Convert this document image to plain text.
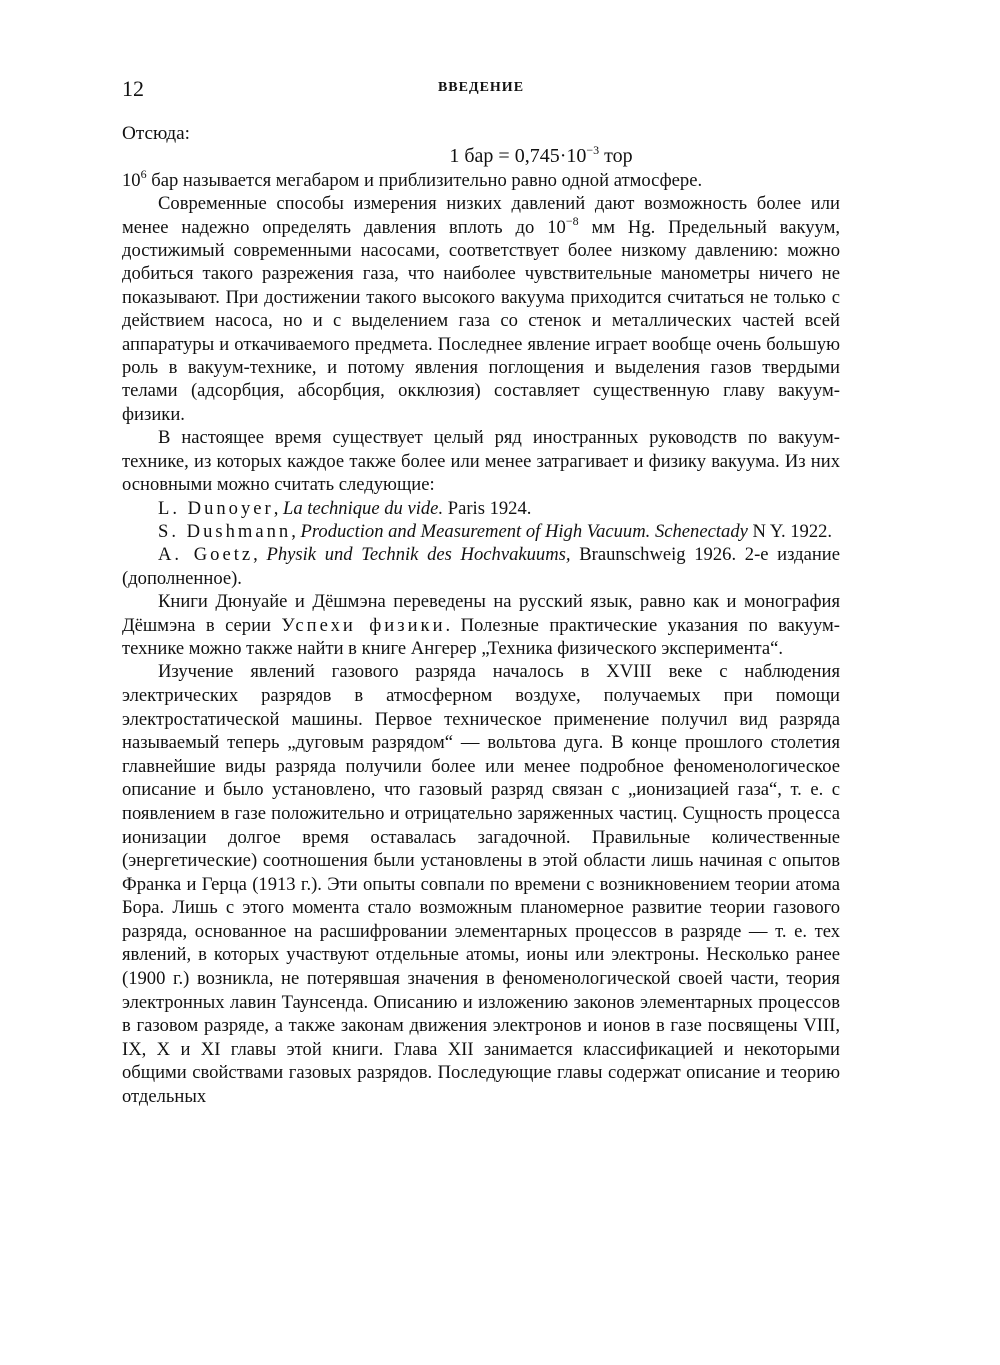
12	ВВЕДЕНИЕ

Отсюда:

1 бар = $0,745\cdot 10^{-3}$ тор

$10^6$ бар называется мегабаром и приблизительно равно одной атмосфере.

Современные способы измерения низких давлений дают возможность более или менее надежно определять давления вплоть до $10^{-8}$ мм Hg. Предельный вакуум, достижимый современными насосами, соответствует более низкому давлению: можно добиться такого разрежения газа, что наиболее чувствительные манометры ничего не показывают. При достижении такого высокого вакуума приходится считаться не только с действием насоса, но и с выделением газа со стенок и металлических частей всей аппаратуры и откачиваемого предмета. Последнее явление играет вообще очень большую роль в вакуум-технике, и потому явления поглощения и выделения газов твердыми телами (адсорбция, абсорбция, окклюзия) составляет существенную главу вакуум-физики.

В настоящее время существует целый ряд иностранных руководств по вакуум-технике, из которых каждое также более или менее затрагивает и физику вакуума. Из них основными можно считать следующие:

L. Dunoyer, La technique du vide. Paris 1924.

S. Dushmann, Production and Measurement of High Vacuum. Schenectady N Y. 1922.

A. Goetz, Physik und Technik des Hochvakuums, Braunschweig 1926. 2-е издание (дополненное).

Книги Дюнуайе и Дёшмэна переведены на русский язык, равно как и монография Дёшмэна в серии Успехи физики. Полезные практические указания по вакуум-технике можно также найти в книге Ангерер „Техника физического эксперимента“.

Изучение явлений газового разряда началось в XVIII веке с наблюдения электрических разрядов в атмосферном воздухе, получаемых при помощи электростатической машины. Первое техническое применение получил вид разряда называемый теперь „дуговым разрядом“ — вольтова дуга. В конце прошлого столетия главнейшие виды разряда получили более или менее подробное феноменологическое описание и было установлено, что газовый разряд связан с „ионизацией газа“, т. е. с появлением в газе положительно и отрицательно заряженных частиц. Сущность процесса ионизации долгое время оставалась загадочной. Правильные количественные (энергетические) соотношения были установлены в этой области лишь начиная с опытов Франка и Герца (1913 г.). Эти опыты совпали по времени с возникновением теории атома Бора. Лишь с этого момента стало возможным планомерное развитие теории газового разряда, основанное на расшифровании элементарных процессов в разряде — т. е. тех явлений, в которых участвуют отдельные атомы, ионы или электроны. Несколько ранее (1900 г.) возникла, не потерявшая значения в феноменологической своей части, теория электронных лавин Таунсенда. Описанию и изложению законов элементарных процессов в газовом разряде, а также законам движения электронов и ионов в газе посвящены VIII, IX, X и XI главы этой книги. Глава XII занимается классификацией и некоторыми общими свойствами газовых разрядов. Последующие главы содержат описание и теорию отдельных
